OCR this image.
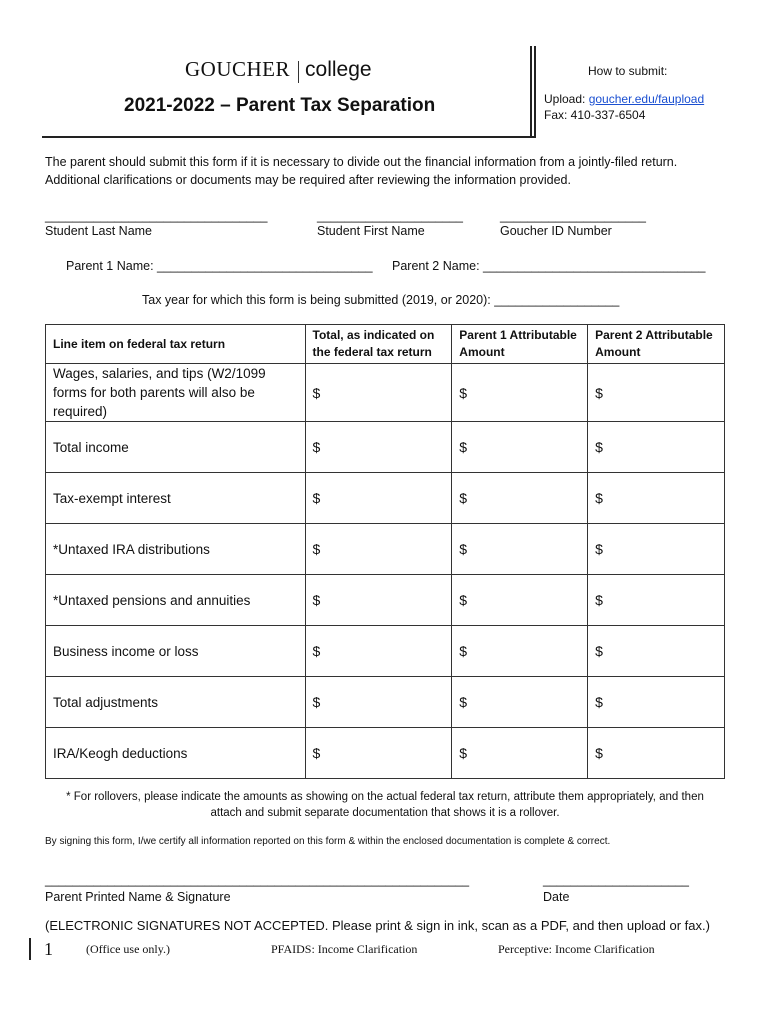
GOUCHER college
2021-2022 – Parent Tax Separation
How to submit:
Upload: goucher.edu/faupload
Fax: 410-337-6504
The parent should submit this form if it is necessary to divide out the financial information from a jointly-filed return.
Additional clarifications or documents may be required after reviewing the information provided.
________________________________	_____________________	_____________________
Student Last Name	Student First Name	Goucher ID Number
Parent 1 Name: _______________________________ Parent 2 Name: ________________________________
Tax year for which this form is being submitted (2019, or 2020): __________________
Line item on federal tax return	Total, as indicated on the federal tax return	Parent 1 Attributable Amount	Parent 2 Attributable Amount
Wages, salaries, and tips (W2/1099 forms for both parents will also be required)	$	$	$
Total income	$	$	$
Tax-exempt interest	$	$	$
*Untaxed IRA distributions	$	$	$
*Untaxed pensions and annuities	$	$	$
Business income or loss	$	$	$
Total adjustments	$	$	$
IRA/Keogh deductions	$	$	$
* For rollovers, please indicate the amounts as showing on the actual federal tax return, attribute them appropriately, and then
attach and submit separate documentation that shows it is a rollover.
By signing this form, I/we certify all information reported on this form & within the enclosed documentation is complete & correct.
_____________________________________________________________	_____________________
Parent Printed Name & Signature	Date
(ELECTRONIC SIGNATURES NOT ACCEPTED. Please print & sign in ink, scan as a PDF, and then upload or fax.)
1	(Office use only.)	PFAIDS: Income Clarification	Perceptive: Income Clarification
